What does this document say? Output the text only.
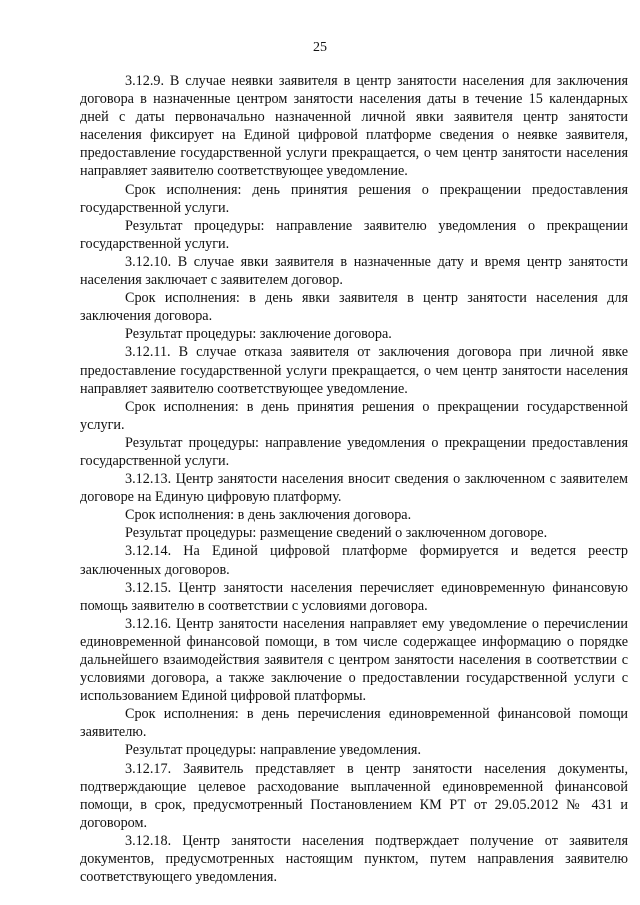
25

3.12.9. В случае неявки заявителя в центр занятости населения для заключения договора в назначенные центром занятости населения даты в течение 15 календарных дней с даты первоначально назначенной личной явки заявителя центр занятости населения фиксирует на Единой цифровой платформе сведения о неявке заявителя, предоставление государственной услуги прекращается, о чем центр занятости населения направляет заявителю соответствующее уведомление.

Срок исполнения: день принятия решения о прекращении предоставления государственной услуги.

Результат процедуры: направление заявителю уведомления о прекращении государственной услуги.

3.12.10. В случае явки заявителя в назначенные дату и время центр занятости населения заключает с заявителем договор.

Срок исполнения: в день явки заявителя в центр занятости населения для заключения договора.

Результат процедуры: заключение договора.

3.12.11. В случае отказа заявителя от заключения договора при личной явке предоставление государственной услуги прекращается, о чем центр занятости населения направляет заявителю соответствующее уведомление.

Срок исполнения: в день принятия решения о прекращении государственной услуги.

Результат процедуры: направление уведомления о прекращении предоставления государственной услуги.

3.12.13. Центр занятости населения вносит сведения о заключенном с заявителем договоре на Единую цифровую платформу.

Срок исполнения: в день заключения договора.

Результат процедуры: размещение сведений о заключенном договоре.

3.12.14. На Единой цифровой платформе формируется и ведется реестр заключенных договоров.

3.12.15. Центр занятости населения перечисляет единовременную финансовую помощь заявителю в соответствии с условиями договора.

3.12.16. Центр занятости населения направляет ему уведомление о перечислении единовременной финансовой помощи, в том числе содержащее информацию о порядке дальнейшего взаимодействия заявителя с центром занятости населения в соответствии с условиями договора, а также заключение о предоставлении государственной услуги с использованием Единой цифровой платформы.

Срок исполнения: в день перечисления единовременной финансовой помощи заявителю.

Результат процедуры: направление уведомления.

3.12.17. Заявитель представляет в центр занятости населения документы, подтверждающие целевое расходование выплаченной единовременной финансовой помощи, в срок, предусмотренный Постановлением КМ РТ от 29.05.2012 № 431 и договором.

3.12.18. Центр занятости населения подтверждает получение от заявителя документов, предусмотренных настоящим пунктом, путем направления заявителю соответствующего уведомления.
